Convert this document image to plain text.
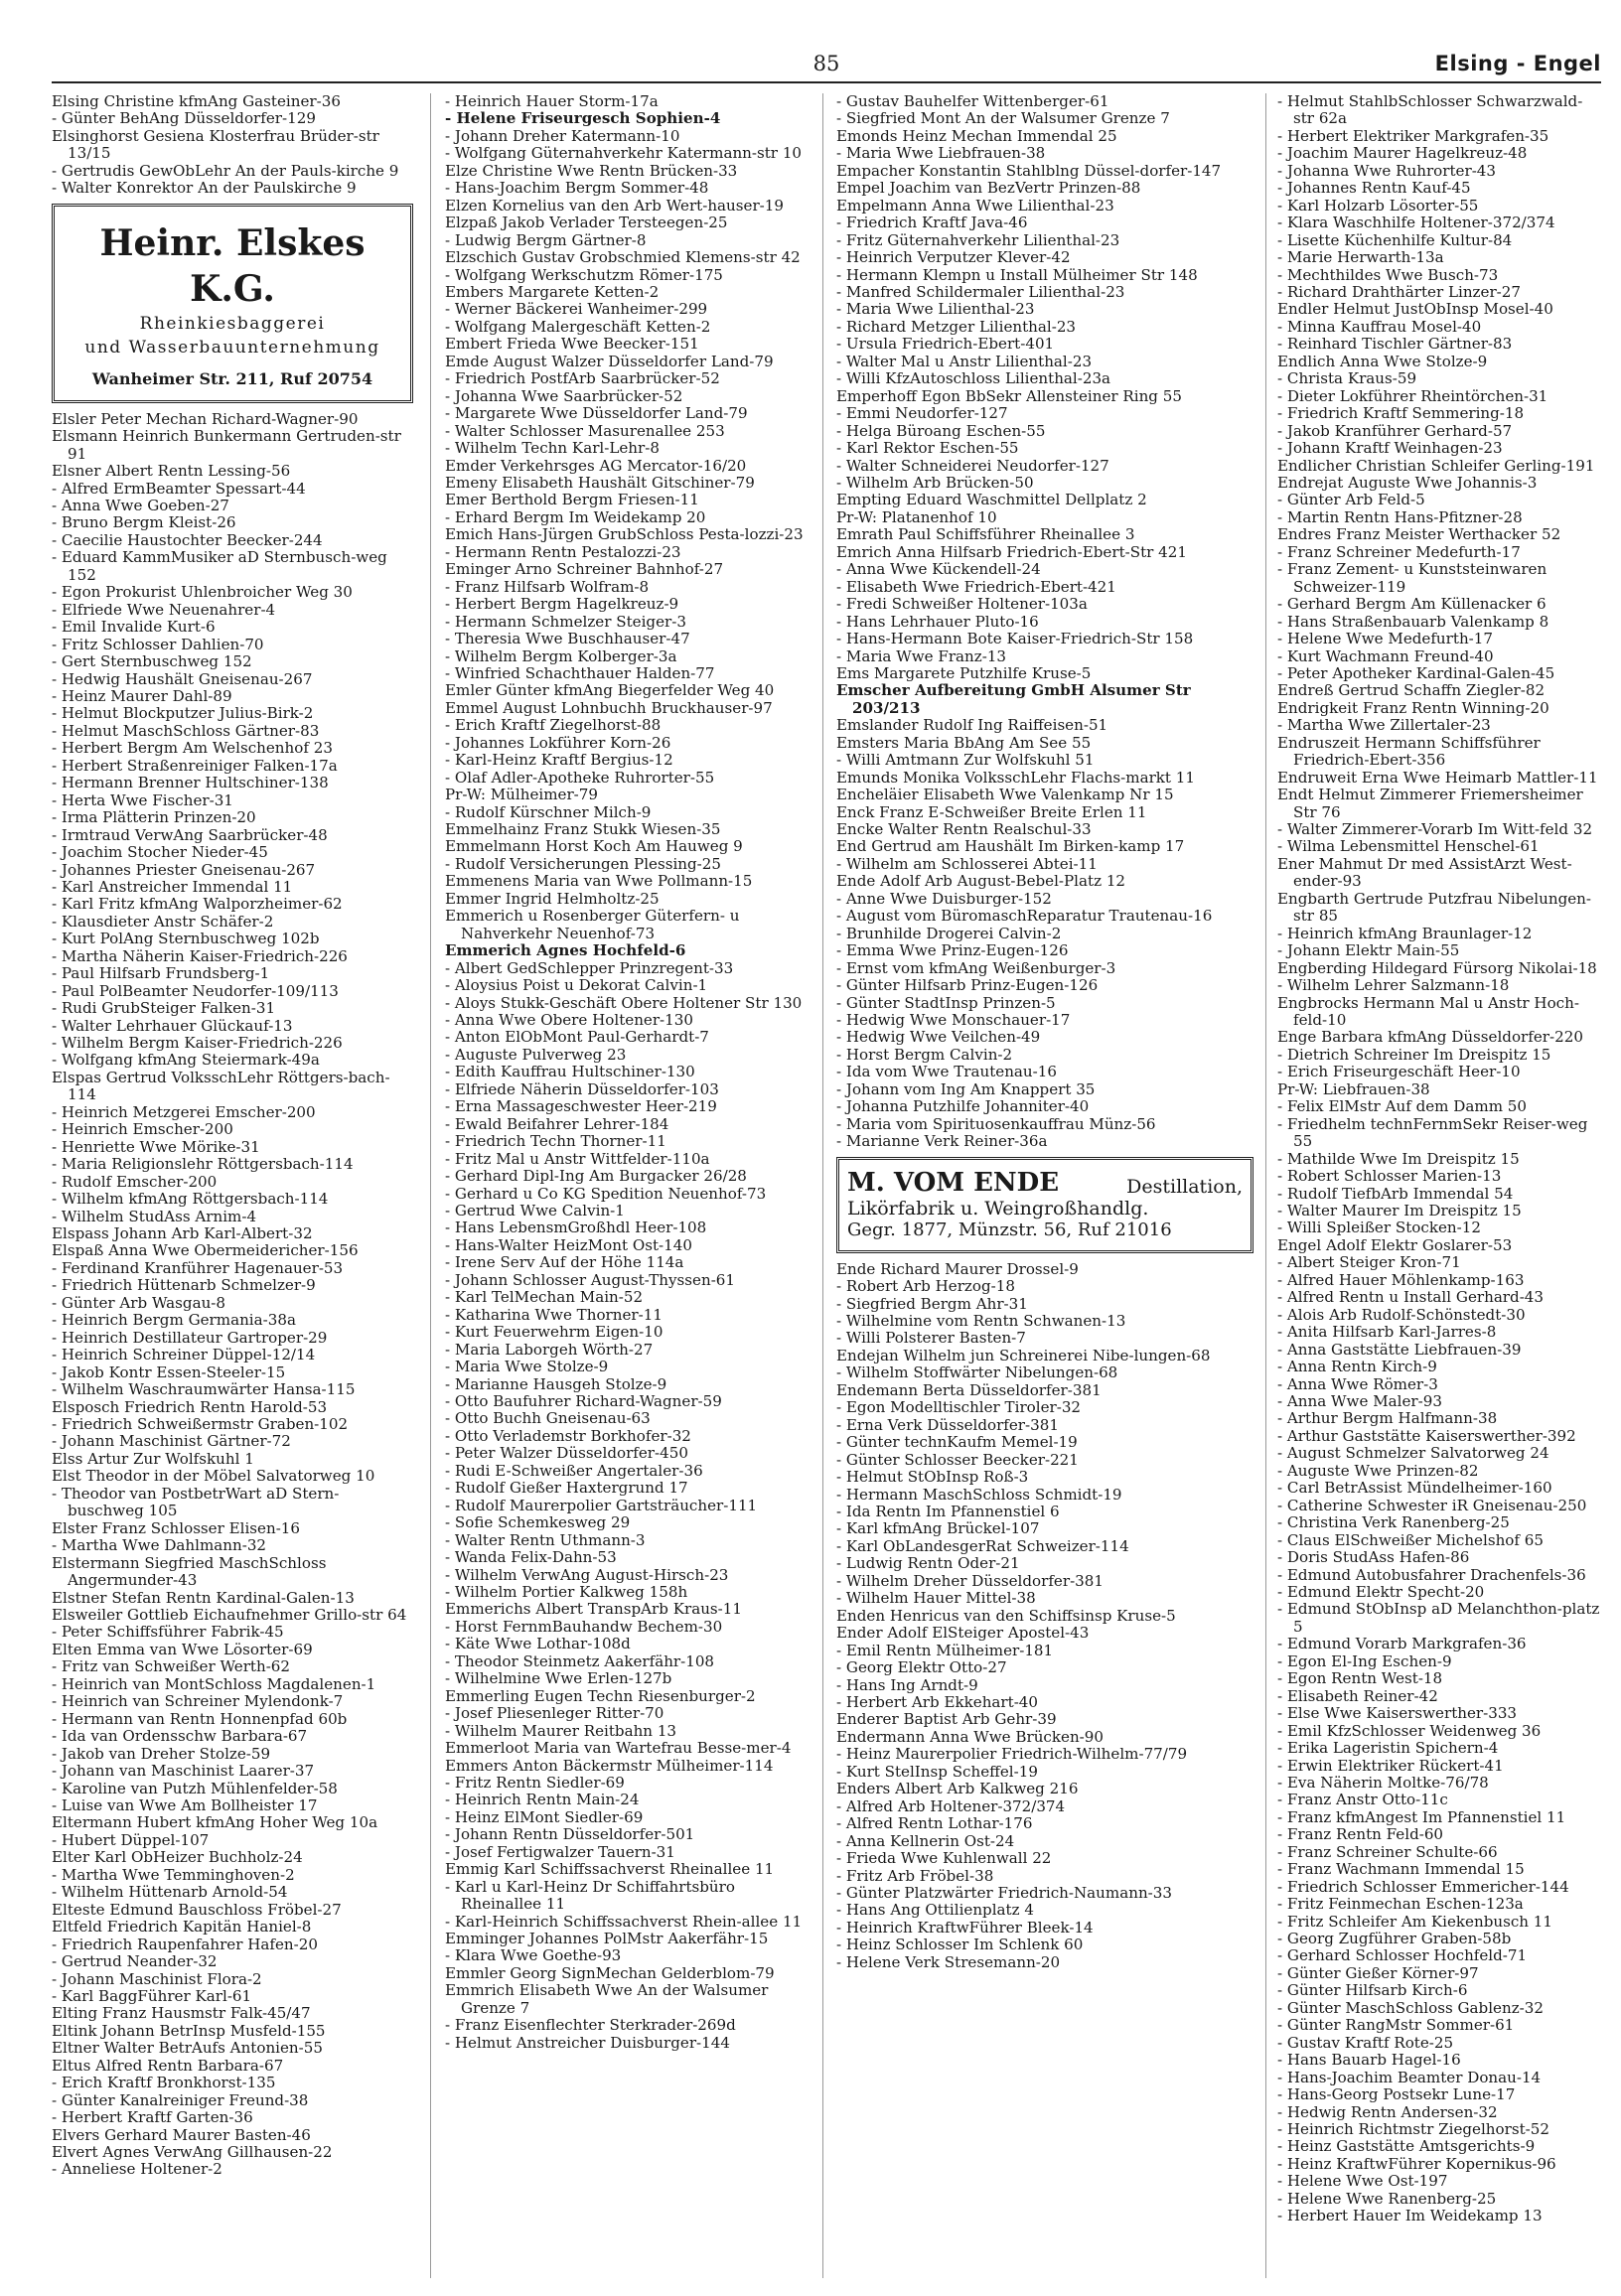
85	Elsing - Engel

Elsing Christine kfmAng Gasteiner-36

- Günter BehAng Düsseldorfer-129

Elsinghorst Gesiena Klosterfrau Brüder-str 13/15

- Gertrudis GewObLehr An der Pauls-kirche 9

- Walter Konrektor An der Paulskirche 9

Heinr. Elskes K.G.
Rheinkiesbaggerei
und Wasserbauunternehmung
Wanheimer Str. 211, Ruf 20754

Elsler Peter Mechan Richard-Wagner-90

Elsmann Heinrich Bunkermann Gertruden-str 91

Elsner Albert Rentn Lessing-56

- Alfred ErmBeamter Spessart-44

- Anna Wwe Goeben-27

- Bruno Bergm Kleist-26

- Caecilie Haustochter Beecker-244

- Eduard KammMusiker aD Sternbusch-weg 152

- Egon Prokurist Uhlenbroicher Weg 30

- Elfriede Wwe Neuenahrer-4

- Emil Invalide Kurt-6

- Fritz Schlosser Dahlien-70

- Gert Sternbuschweg 152

- Hedwig Haushält Gneisenau-267

- Heinz Maurer Dahl-89

- Helmut Blockputzer Julius-Birk-2

- Helmut MaschSchloss Gärtner-83

- Herbert Bergm Am Welschenhof 23

- Herbert Straßenreiniger Falken-17a

- Hermann Brenner Hultschiner-138

- Herta Wwe Fischer-31

- Irma Plätterin Prinzen-20

- Irmtraud VerwAng Saarbrücker-48

- Joachim Stocher Nieder-45

- Johannes Priester Gneisenau-267

- Karl Anstreicher Immendal 11

- Karl Fritz kfmAng Walporzheimer-62

- Klausdieter Anstr Schäfer-2

- Kurt PolAng Sternbuschweg 102b

- Martha Näherin Kaiser-Friedrich-226

- Paul Hilfsarb Frundsberg-1

- Paul PolBeamter Neudorfer-109/113

- Rudi GrubSteiger Falken-31

- Walter Lehrhauer Glückauf-13

- Wilhelm Bergm Kaiser-Friedrich-226

- Wolfgang kfmAng Steiermark-49a

Elspas Gertrud VolksschLehr Röttgers-bach-114

- Heinrich Metzgerei Emscher-200

- Heinrich Emscher-200

- Henriette Wwe Mörike-31

- Maria Religionslehr Röttgersbach-114

- Rudolf Emscher-200

- Wilhelm kfmAng Röttgersbach-114

- Wilhelm StudAss Arnim-4

Elspass Johann Arb Karl-Albert-32

Elspaß Anna Wwe Obermeidericher-156

- Ferdinand Kranführer Hagenauer-53

- Friedrich Hüttenarb Schmelzer-9

- Günter Arb Wasgau-8

- Heinrich Bergm Germania-38a

- Heinrich Destillateur Gartroper-29

- Heinrich Schreiner Düppel-12/14

- Jakob Kontr Essen-Steeler-15

- Wilhelm Waschraumwärter Hansa-115

Elsposch Friedrich Rentn Harold-53

- Friedrich Schweißermstr Graben-102

- Johann Maschinist Gärtner-72

Elss Artur Zur Wolfskuhl 1

Elst Theodor in der Möbel Salvatorweg 10

- Theodor van PostbetrWart aD Stern-buschweg 105

Elster Franz Schlosser Elisen-16

- Martha Wwe Dahlmann-32

Elstermann Siegfried MaschSchloss Angermunder-43

Elstner Stefan Rentn Kardinal-Galen-13

Elsweiler Gottlieb Eichaufnehmer Grillo-str 64

- Peter Schiffsführer Fabrik-45

Elten Emma van Wwe Lösorter-69

- Fritz van Schweißer Werth-62

- Heinrich van MontSchloss Magdalenen-1

- Heinrich van Schreiner Mylendonk-7

- Hermann van Rentn Honnenpfad 60b

- Ida van Ordensschw Barbara-67

- Jakob van Dreher Stolze-59

- Johann van Maschinist Laarer-37

- Karoline van Putzh Mühlenfelder-58

- Luise van Wwe Am Bollheister 17

Eltermann Hubert kfmAng Hoher Weg 10a

- Hubert Düppel-107

Elter Karl ObHeizer Buchholz-24

- Martha Wwe Temminghoven-2

- Wilhelm Hüttenarb Arnold-54

Elteste Edmund Bauschloss Fröbel-27

Eltfeld Friedrich Kapitän Haniel-8

- Friedrich Raupenfahrer Hafen-20

- Gertrud Neander-32

- Johann Maschinist Flora-2

- Karl BaggFührer Karl-61

Elting Franz Hausmstr Falk-45/47

Eltink Johann BetrInsp Musfeld-155

Eltner Walter BetrAufs Antonien-55

Eltus Alfred Rentn Barbara-67

- Erich Kraftf Bronkhorst-135

- Günter Kanalreiniger Freund-38

- Herbert Kraftf Garten-36

Elvers Gerhard Maurer Basten-46

Elvert Agnes VerwAng Gillhausen-22

- Anneliese Holtener-2

- Heinrich Hauer Storm-17a

- Helene Friseurgesch Sophien-4

- Johann Dreher Katermann-10

- Wolfgang Güternahverkehr Katermann-str 10

Elze Christine Wwe Rentn Brücken-33

- Hans-Joachim Bergm Sommer-48

Elzen Kornelius van den Arb Wert-hauser-19

Elzpaß Jakob Verlader Tersteegen-25

- Ludwig Bergm Gärtner-8

Elzschich Gustav Grobschmied Klemens-str 42

- Wolfgang Werkschutzm Römer-175

Embers Margarete Ketten-2

- Werner Bäckerei Wanheimer-299

- Wolfgang Malergeschäft Ketten-2

Embert Frieda Wwe Beecker-151

Emde August Walzer Düsseldorfer Land-79

- Friedrich PostfArb Saarbrücker-52

- Johanna Wwe Saarbrücker-52

- Margarete Wwe Düsseldorfer Land-79

- Walter Schlosser Masurenallee 253

- Wilhelm Techn Karl-Lehr-8

Emder Verkehrsges AG Mercator-16/20

Emeny Elisabeth Haushält Gitschiner-79

Emer Berthold Bergm Friesen-11

- Erhard Bergm Im Weidekamp 20

Emich Hans-Jürgen GrubSchloss Pesta-lozzi-23

- Hermann Rentn Pestalozzi-23

Eminger Arno Schreiner Bahnhof-27

- Franz Hilfsarb Wolfram-8

- Herbert Bergm Hagelkreuz-9

- Hermann Schmelzer Steiger-3

- Theresia Wwe Buschhauser-47

- Wilhelm Bergm Kolberger-3a

- Winfried Schachthauer Halden-77

Emler Günter kfmAng Biegerfelder Weg 40

Emmel August Lohnbuchh Bruckhauser-97

- Erich Kraftf Ziegelhorst-88

- Johannes Lokführer Korn-26

- Karl-Heinz Kraftf Bergius-12

- Olaf Adler-Apotheke Ruhrorter-55

Pr-W: Mülheimer-79

- Rudolf Kürschner Milch-9

Emmelhainz Franz Stukk Wiesen-35

Emmelmann Horst Koch Am Hauweg 9

- Rudolf Versicherungen Plessing-25

Emmenens Maria van Wwe Pollmann-15

Emmer Ingrid Helmholtz-25

Emmerich u Rosenberger Güterfern- u Nahverkehr Neuenhof-73

Emmerich Agnes Hochfeld-6

- Albert GedSchlepper Prinzregent-33

- Aloysius Poist u Dekorat Calvin-1

- Aloys Stukk-Geschäft Obere Holtener Str 130

- Anna Wwe Obere Holtener-130

- Anton ElObMont Paul-Gerhardt-7

- Auguste Pulverweg 23

- Edith Kauffrau Hultschiner-130

- Elfriede Näherin Düsseldorfer-103

- Erna Massageschwester Heer-219

- Ewald Beifahrer Lehrer-184

- Friedrich Techn Thorner-11

- Fritz Mal u Anstr Wittfelder-110a

- Gerhard Dipl-Ing Am Burgacker 26/28

- Gerhard u Co KG Spedition Neuenhof-73

- Gertrud Wwe Calvin-1

- Hans LebensmGroßhdl Heer-108

- Hans-Walter HeizMont Ost-140

- Irene Serv Auf der Höhe 114a

- Johann Schlosser August-Thyssen-61

- Karl TelMechan Main-52

- Katharina Wwe Thorner-11

- Kurt Feuerwehrm Eigen-10

- Maria Laborgeh Wörth-27

- Maria Wwe Stolze-9

- Marianne Hausgeh Stolze-9

- Otto Baufuhrer Richard-Wagner-59

- Otto Buchh Gneisenau-63

- Otto Verlademstr Borkhofer-32

- Peter Walzer Düsseldorfer-450

- Rudi E-Schweißer Angertaler-36

- Rudolf Gießer Haxtergrund 17

- Rudolf Maurerpolier Gartsträucher-111

- Sofie Schemkesweg 29

- Walter Rentn Uthmann-3

- Wanda Felix-Dahn-53

- Wilhelm VerwAng August-Hirsch-23

- Wilhelm Portier Kalkweg 158h

Emmerichs Albert TranspArb Kraus-11

- Horst FernmBauhandw Bechem-30

- Käte Wwe Lothar-108d

- Theodor Steinmetz Aakerfähr-108

- Wilhelmine Wwe Erlen-127b

Emmerling Eugen Techn Riesenburger-2

- Josef Pliesenleger Ritter-70

- Wilhelm Maurer Reitbahn 13

Emmerloot Maria van Wartefrau Besse-mer-4

Emmers Anton Bäckermstr Mülheimer-114

- Fritz Rentn Siedler-69

- Heinrich Rentn Main-24

- Heinz ElMont Siedler-69

- Johann Rentn Düsseldorfer-501

- Josef Fertigwalzer Tauern-31

Emmig Karl Schiffssachverst Rheinallee 11

- Karl u Karl-Heinz Dr Schiffahrtsbüro Rheinallee 11

- Karl-Heinrich Schiffssachverst Rhein-allee 11

Emminger Johannes PolMstr Aakerfähr-15

- Klara Wwe Goethe-93

Emmler Georg SignMechan Gelderblom-79

Emmrich Elisabeth Wwe An der Walsumer Grenze 7

- Franz Eisenflechter Sterkrader-269d

- Helmut Anstreicher Duisburger-144

- Gustav Bauhelfer Wittenberger-61

- Siegfried Mont An der Walsumer Grenze 7

Emonds Heinz Mechan Immendal 25

- Maria Wwe Liebfrauen-38

Empacher Konstantin Stahlblng Düssel-dorfer-147

Empel Joachim van BezVertr Prinzen-88

Empelmann Anna Wwe Lilienthal-23

- Friedrich Kraftf Java-46

- Fritz Güternahverkehr Lilienthal-23

- Heinrich Verputzer Klever-42

- Hermann Klempn u Install Mülheimer Str 148

- Manfred Schildermaler Lilienthal-23

- Maria Wwe Lilienthal-23

- Richard Metzger Lilienthal-23

- Ursula Friedrich-Ebert-401

- Walter Mal u Anstr Lilienthal-23

- Willi KfzAutoschloss Lilienthal-23a

Emperhoff Egon BbSekr Allensteiner Ring 55

- Emmi Neudorfer-127

- Helga Büroang Eschen-55

- Karl Rektor Eschen-55

- Walter Schneiderei Neudorfer-127

- Wilhelm Arb Brücken-50

Empting Eduard Waschmittel Dellplatz 2

Pr-W: Platanenhof 10

Emrath Paul Schiffsführer Rheinallee 3

Emrich Anna Hilfsarb Friedrich-Ebert-Str 421

- Anna Wwe Kückendell-24

- Elisabeth Wwe Friedrich-Ebert-421

- Fredi Schweißer Holtener-103a

- Hans Lehrhauer Pluto-16

- Hans-Hermann Bote Kaiser-Friedrich-Str 158

- Maria Wwe Franz-13

Ems Margarete Putzhilfe Kruse-5

Emscher Aufbereitung GmbH Alsumer Str 203/213

Emslander Rudolf Ing Raiffeisen-51

Emsters Maria BbAng Am See 55

- Willi Amtmann Zur Wolfskuhl 51

Emunds Monika VolksschLehr Flachs-markt 11

Encheläier Elisabeth Wwe Valenkamp Nr 15

Enck Franz E-Schweißer Breite Erlen 11

Encke Walter Rentn Realschul-33

End Gertrud am Haushält Im Birken-kamp 17

- Wilhelm am Schlosserei Abtei-11

Ende Adolf Arb August-Bebel-Platz 12

- Anne Wwe Duisburger-152

- August vom BüromaschReparatur Trautenau-16

- Brunhilde Drogerei Calvin-2

- Emma Wwe Prinz-Eugen-126

- Ernst vom kfmAng Weißenburger-3

- Günter Hilfsarb Prinz-Eugen-126

- Günter StadtInsp Prinzen-5

- Hedwig Wwe Monschauer-17

- Hedwig Wwe Veilchen-49

- Horst Bergm Calvin-2

- Ida vom Wwe Trautenau-16

- Johann vom Ing Am Knappert 35

- Johanna Putzhilfe Johanniter-40

- Maria vom Spirituosenkauffrau Münz-56

- Marianne Verk Reiner-36a

Destillation,
M. VOM ENDE
Likörfabrik u. Weingroßhandlg.
Gegr. 1877, Münzstr. 56, Ruf 21016

Ende Richard Maurer Drossel-9

- Robert Arb Herzog-18

- Siegfried Bergm Ahr-31

- Wilhelmine vom Rentn Schwanen-13

- Willi Polsterer Basten-7

Endejan Wilhelm jun Schreinerei Nibe-lungen-68

- Wilhelm Stoffwärter Nibelungen-68

Endemann Berta Düsseldorfer-381

- Egon Modelltischler Tiroler-32

- Erna Verk Düsseldorfer-381

- Günter technKaufm Memel-19

- Günter Schlosser Beecker-221

- Helmut StObInsp Roß-3

- Hermann MaschSchloss Schmidt-19

- Ida Rentn Im Pfannenstiel 6

- Karl kfmAng Brückel-107

- Karl ObLandesgerRat Schweizer-114

- Ludwig Rentn Oder-21

- Wilhelm Dreher Düsseldorfer-381

- Wilhelm Hauer Mittel-38

Enden Henricus van den Schiffsinsp Kruse-5

Ender Adolf ElSteiger Apostel-43

- Emil Rentn Mülheimer-181

- Georg Elektr Otto-27

- Hans Ing Arndt-9

- Herbert Arb Ekkehart-40

Enderer Baptist Arb Gehr-39

Endermann Anna Wwe Brücken-90

- Heinz Maurerpolier Friedrich-Wilhelm-77/79

- Kurt StelInsp Scheffel-19

Enders Albert Arb Kalkweg 216

- Alfred Arb Holtener-372/374

- Alfred Rentn Lothar-176

- Anna Kellnerin Ost-24

- Frieda Wwe Kuhlenwall 22

- Fritz Arb Fröbel-38

- Günter Platzwärter Friedrich-Naumann-33

- Hans Ang Ottilienplatz 4

- Heinrich KraftwFührer Bleek-14

- Heinz Schlosser Im Schlenk 60

- Helene Verk Stresemann-20

- Helmut StahlbSchlosser Schwarzwald-str 62a

- Herbert Elektriker Markgrafen-35

- Joachim Maurer Hagelkreuz-48

- Johanna Wwe Ruhrorter-43

- Johannes Rentn Kauf-45

- Karl Holzarb Lösorter-55

- Klara Waschhilfe Holtener-372/374

- Lisette Küchenhilfe Kultur-84

- Marie Herwarth-13a

- Mechthildes Wwe Busch-73

- Richard Drahthärter Linzer-27

Endler Helmut JustObInsp Mosel-40

- Minna Kauffrau Mosel-40

- Reinhard Tischler Gärtner-83

Endlich Anna Wwe Stolze-9

- Christa Kraus-59

- Dieter Lokführer Rheintörchen-31

- Friedrich Kraftf Semmering-18

- Jakob Kranführer Gerhard-57

- Johann Kraftf Weinhagen-23

Endlicher Christian Schleifer Gerling-191

Endrejat Auguste Wwe Johannis-3

- Günter Arb Feld-5

- Martin Rentn Hans-Pfitzner-28

Endres Franz Meister Werthacker 52

- Franz Schreiner Medefurth-17

- Franz Zement- u Kunststeinwaren Schweizer-119

- Gerhard Bergm Am Küllenacker 6

- Hans Straßenbauarb Valenkamp 8

- Helene Wwe Medefurth-17

- Kurt Wachmann Freund-40

- Peter Apotheker Kardinal-Galen-45

Endreß Gertrud Schaffn Ziegler-82

Endrigkeit Franz Rentn Winning-20

- Martha Wwe Zillertaler-23

Endruszeit Hermann Schiffsführer Friedrich-Ebert-356

Endruweit Erna Wwe Heimarb Mattler-11

Endt Helmut Zimmerer Friemersheimer Str 76

- Walter Zimmerer-Vorarb Im Witt-feld 32

- Wilma Lebensmittel Henschel-61

Ener Mahmut Dr med AssistArzt West-ender-93

Engbarth Gertrude Putzfrau Nibelungen-str 85

- Heinrich kfmAng Braunlager-12

- Johann Elektr Main-55

Engberding Hildegard Fürsorg Nikolai-18

- Wilhelm Lehrer Salzmann-18

Engbrocks Hermann Mal u Anstr Hoch-feld-10

Enge Barbara kfmAng Düsseldorfer-220

- Dietrich Schreiner Im Dreispitz 15

- Erich Friseurgeschäft Heer-10

Pr-W: Liebfrauen-38

- Felix ElMstr Auf dem Damm 50

- Friedhelm technFernmSekr Reiser-weg 55

- Mathilde Wwe Im Dreispitz 15

- Robert Schlosser Marien-13

- Rudolf TiefbArb Immendal 54

- Walter Maurer Im Dreispitz 15

- Willi Spleißer Stocken-12

Engel Adolf Elektr Goslarer-53

- Albert Steiger Kron-71

- Alfred Hauer Möhlenkamp-163

- Alfred Rentn u Install Gerhard-43

- Alois Arb Rudolf-Schönstedt-30

- Anita Hilfsarb Karl-Jarres-8

- Anna Gaststätte Liebfrauen-39

- Anna Rentn Kirch-9

- Anna Wwe Römer-3

- Anna Wwe Maler-93

- Arthur Bergm Halfmann-38

- Arthur Gaststätte Kaiserswerther-392

- August Schmelzer Salvatorweg 24

- Auguste Wwe Prinzen-82

- Carl BetrAssist Mündelheimer-160

- Catherine Schwester iR Gneisenau-250

- Christina Verk Ranenberg-25

- Claus ElSchweißer Michelshof 65

- Doris StudAss Hafen-86

- Edmund Autobusfahrer Drachenfels-36

- Edmund Elektr Specht-20

- Edmund StObInsp aD Melanchthon-platz 5

- Edmund Vorarb Markgrafen-36

- Egon El-Ing Eschen-9

- Egon Rentn West-18

- Elisabeth Reiner-42

- Else Wwe Kaiserswerther-333

- Emil KfzSchlosser Weidenweg 36

- Erika Lageristin Spichern-4

- Erwin Elektriker Rückert-41

- Eva Näherin Moltke-76/78

- Franz Anstr Otto-11c

- Franz kfmAngest Im Pfannenstiel 11

- Franz Rentn Feld-60

- Franz Schreiner Schulte-66

- Franz Wachmann Immendal 15

- Friedrich Schlosser Emmericher-144

- Fritz Feinmechan Eschen-123a

- Fritz Schleifer Am Kiekenbusch 11

- Georg Zugführer Graben-58b

- Gerhard Schlosser Hochfeld-71

- Günter Gießer Körner-97

- Günter Hilfsarb Kirch-6

- Günter MaschSchloss Gablenz-32

- Günter RangMstr Sommer-61

- Gustav Kraftf Rote-25

- Hans Bauarb Hagel-16

- Hans-Joachim Beamter Donau-14

- Hans-Georg Postsekr Lune-17

- Hedwig Rentn Andersen-32

- Heinrich Richtmstr Ziegelhorst-52

- Heinz Gaststätte Amtsgerichts-9

- Heinz KraftwFührer Kopernikus-96

- Helene Wwe Ost-197

- Helene Wwe Ranenberg-25

- Herbert Hauer Im Weidekamp 13
